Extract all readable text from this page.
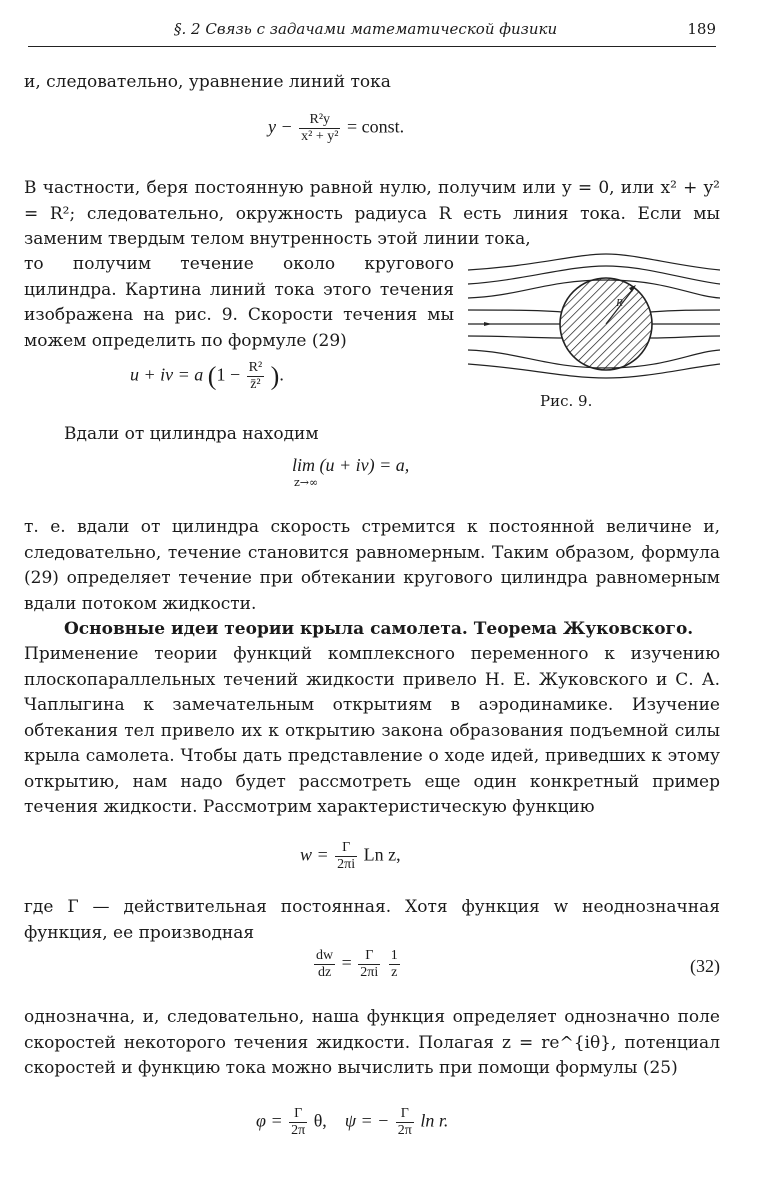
§. 2 Связь с задачами математической физики	189
и, следовательно, уравнение линий тока
$y - \frac{\text{R²y}}{\text{x² + y²}}$ = const.
В частности, беря постоянную равной нулю, получим или y = 0, или x² + y² = R²; следовательно, окружность радиуса R есть линия тока. Если мы заменим твердым телом внутренность этой линии тока,
то получим течение около кругового цилиндра. Картина линий тока этого течения изображена на рис. 9. Скорости течения мы можем определить по формуле (29)
R
Рис. 9.
u + iv = a ($1 - \frac{\text{R²}}{\text{z̄²}}$ ).
Вдали от цилиндра находим
lim (u + iv) = a,
z→∞
т. е. вдали от цилиндра скорость стремится к постоянной величине и, следовательно, течение становится равномерным. Таким образом, формула (29) определяет течение при обтекании кругового цилиндра равномерным вдали потоком жидкости.
Основные идеи теории крыла самолета. Теорема Жуковского.
Применение теории функций комплексного переменного к изучению плоскопараллельных течений жидкости привело Н. Е. Жуковского и С. А. Чаплыгина к замечательным открытиям в аэродинамике. Изучение обтекания тел привело их к открытию закона образования подъемной силы крыла самолета. Чтобы дать представление о ходе идей, приведших к этому открытию, нам надо будет рассмотреть еще один конкретный пример течения жидкости. Рассмотрим характеристическую функцию
$w = \frac{Г}{2\pi i}$ Ln z,
где Г — действительная постоянная. Хотя функция w неоднозначная функция, ее производная
$\frac{dw}{dz} = \frac{Г}{2\pi i}$
$\frac{1}{z}$	(32)
однозначна, и, следовательно, наша функция определяет однозначно поле скоростей некоторого течения жидкости. Полагая z = re^{iθ}, потенциал скоростей и функцию тока можно вычислить при помощи формулы (25)
$\varphi = \frac{Г}{2\pi} \theta$, ψ = − $\frac{Г}{2\pi}$ ln r.
